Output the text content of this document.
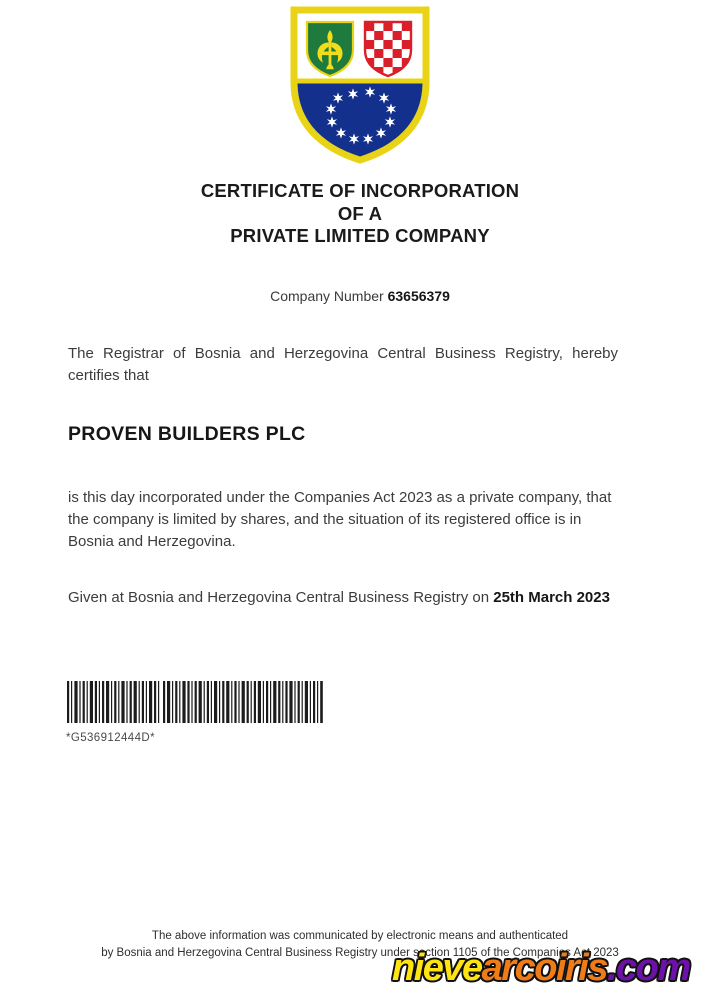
CERTIFICATE OF INCORPORATION
OF A
PRIVATE LIMITED COMPANY
Company Number 63656379
The Registrar of Bosnia and Herzegovina Central Business Registry, hereby certifies that
PROVEN BUILDERS PLC
is this day incorporated under the Companies Act 2023 as a private company, that the company is limited by shares, and the situation of its registered office is in Bosnia and Herzegovina.
Given at Bosnia and Herzegovina Central Business Registry on 25th March 2023
*G536912444D*
The above information was communicated by electronic means and authenticated
by Bosnia and Herzegovina Central Business Registry under section 1105 of the Companies Act 2023
nievearcoiris.com
